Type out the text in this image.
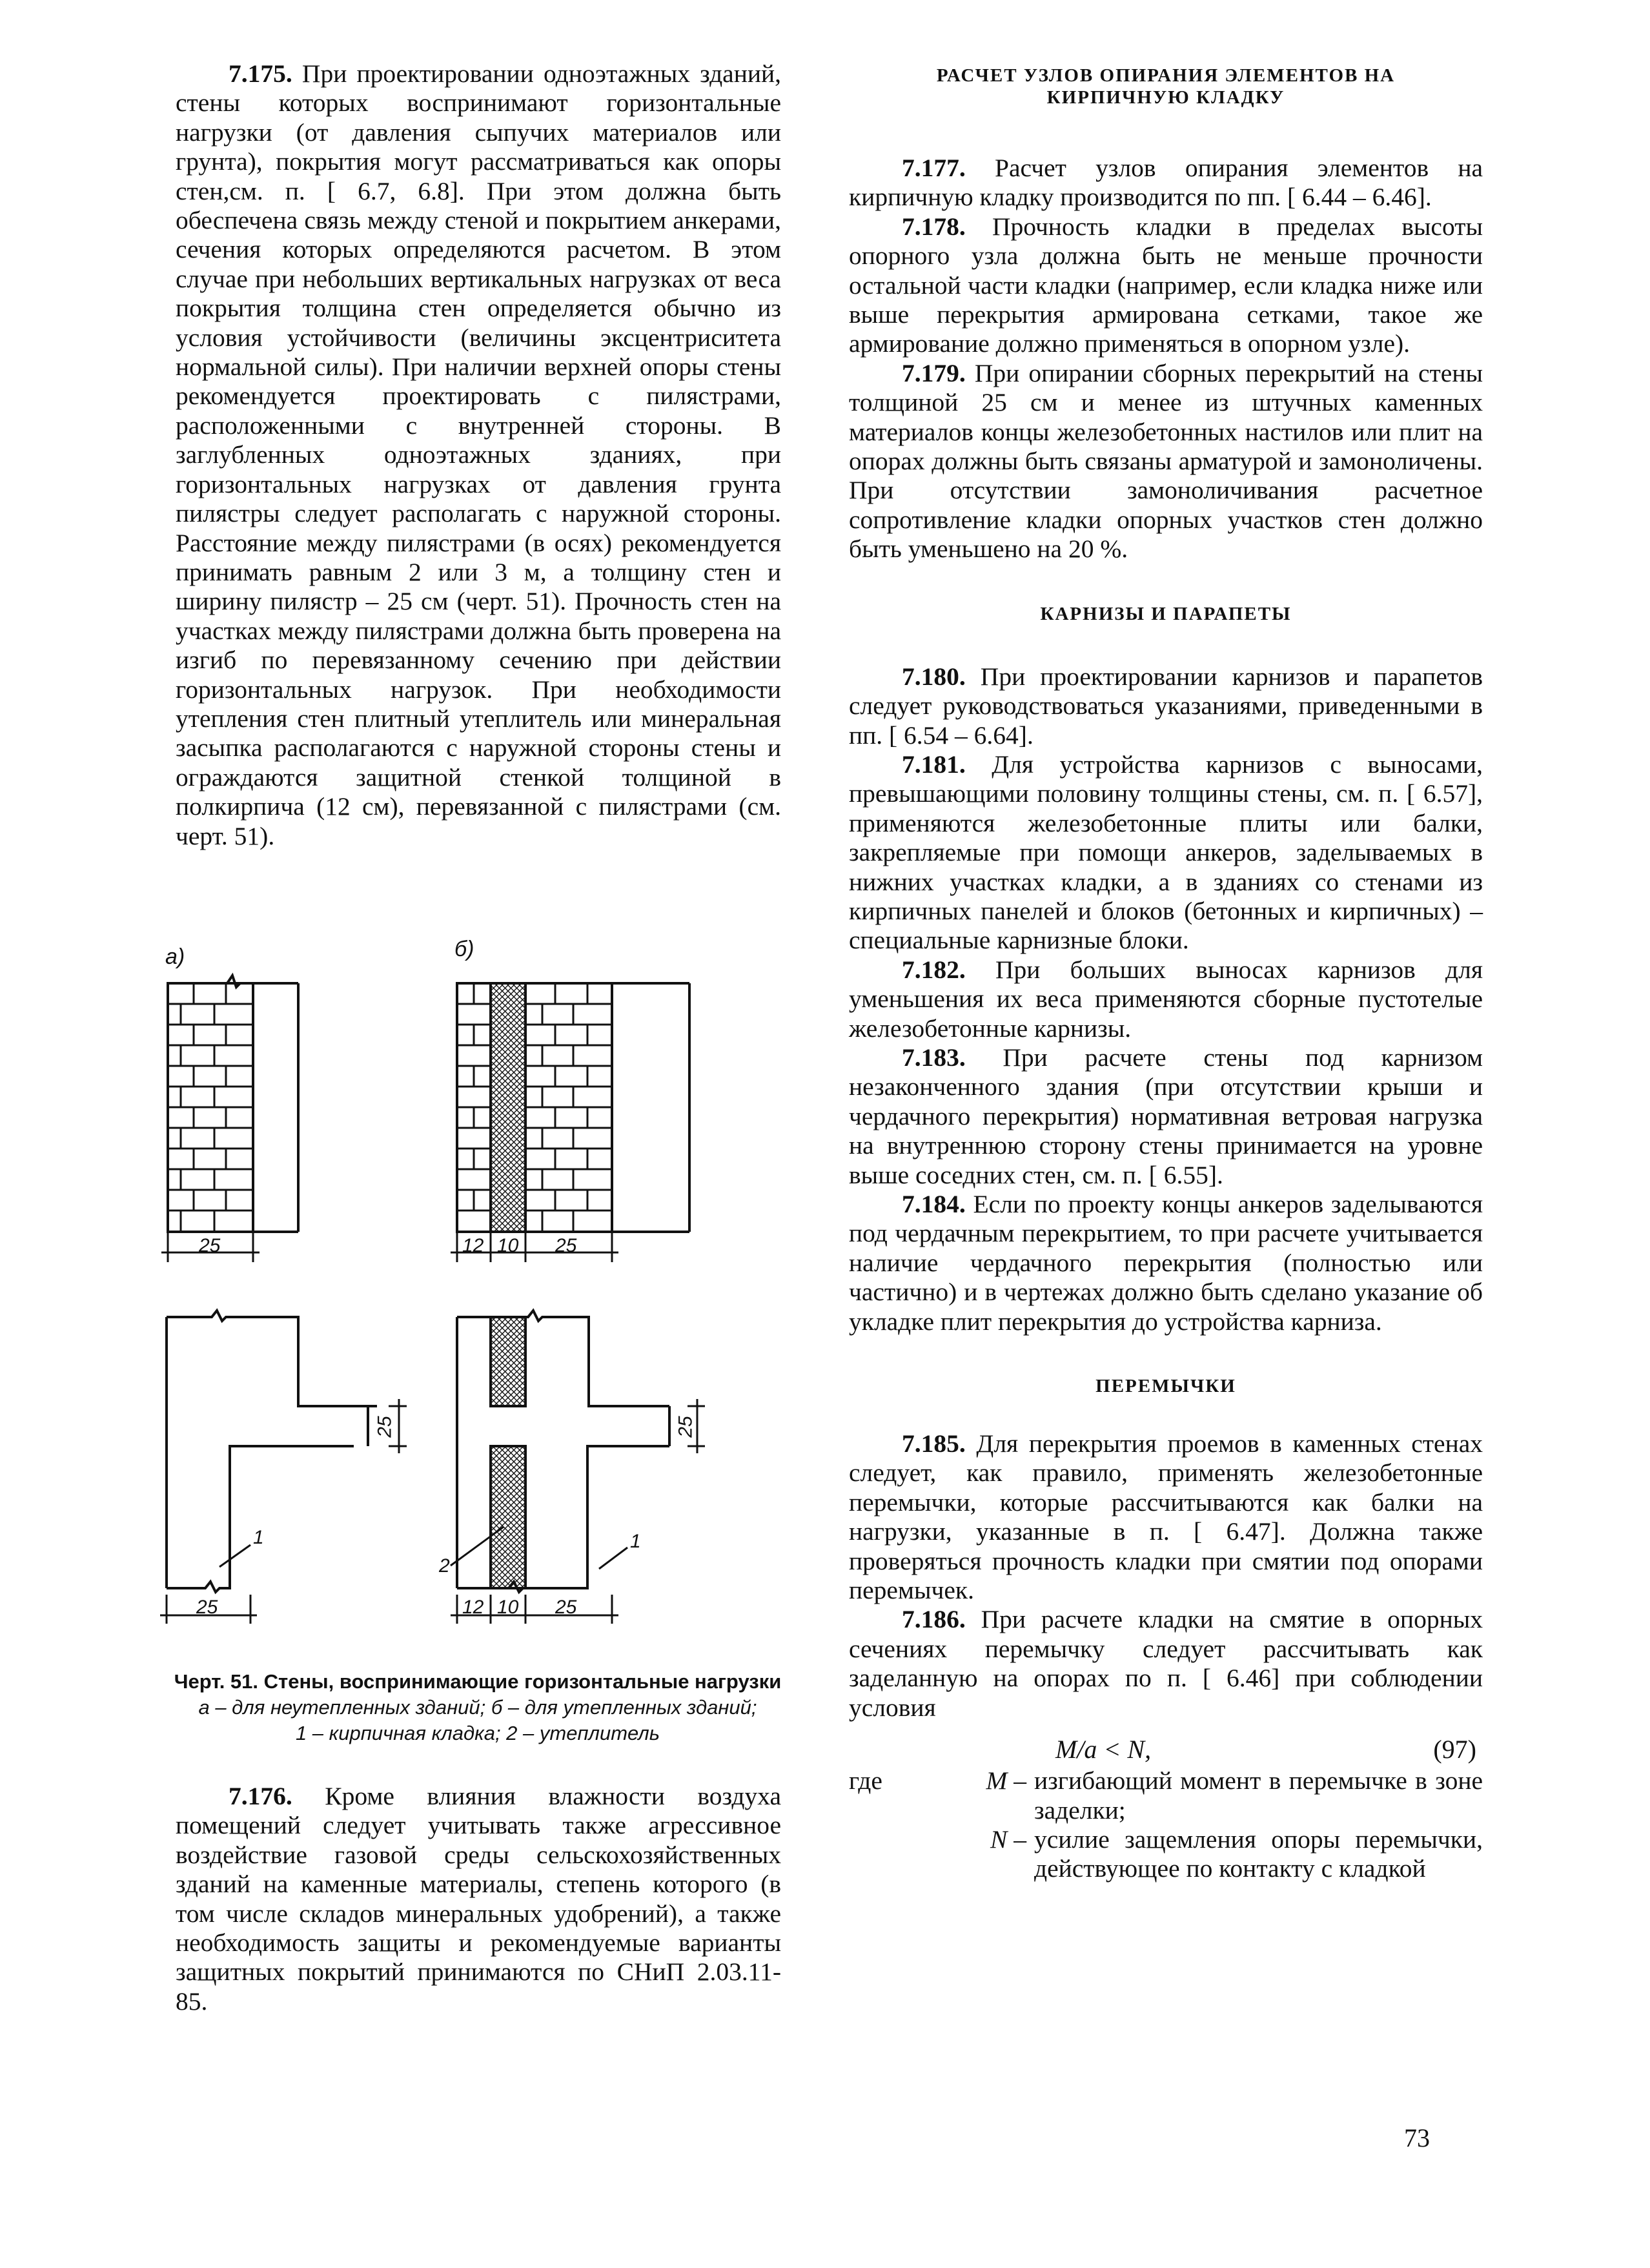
7.175. При проектировании одноэтажных зданий, стены которых воспринимают горизонтальные нагрузки (от давления сыпучих материалов или грунта), покрытия могут рассматриваться как опоры стен,см. п. [ 6.7, 6.8]. При этом должна быть обеспечена связь между стеной и покрытием анкерами, сечения которых определяются расчетом. В этом случае при небольших вертикальных нагрузках от веса покрытия толщина стен определяется обычно из условия устойчивости (величины эксцентриситета нормальной силы). При наличии верхней опоры стены рекомендуется проектировать с пилястрами, расположенными с внутренней стороны. В заглубленных одноэтажных зданиях, при горизонтальных нагрузках от давления грунта пилястры следует располагать с наружной стороны. Расстояние между пилястрами (в осях) рекомендуется принимать равным 2 или 3 м, а толщину стен и ширину пилястр – 25 см (черт. 51). Прочность стен на участках между пилястрами должна быть проверена на изгиб по перевязанному сечению при действии горизонтальных нагрузок. При необходимости утепления стен плитный утеплитель или минеральная засыпка располагаются с наружной стороны стены и ограждаются защитной стенкой толщиной в полкирпича (12 см), перевязанной с пилястрами (см. черт. 51).

а)	б)
25	12 10 25
25	25
1	1
2
25	12 10 25
Черт. 51. Стены, воспринимающие горизонтальные нагрузки
а – для неутепленных зданий; б – для утепленных зданий;
1 – кирпичная кладка; 2 – утеплитель

7.176. Кроме влияния влажности воздуха помещений следует учитывать также агрессивное воздействие газовой среды сельскохозяйственных зданий на каменные материалы, степень которого (в том числе складов минеральных удобрений), а также необходимость защиты и рекомендуемые варианты защитных покрытий принимаются по СНиП 2.03.11-85.

РАСЧЕТ УЗЛОВ ОПИРАНИЯ ЭЛЕМЕНТОВ НА КИРПИЧНУЮ КЛАДКУ

7.177. Расчет узлов опирания элементов на кирпичную кладку производится по пп. [ 6.44 – 6.46].

7.178. Прочность кладки в пределах высоты опорного узла должна быть не меньше прочности остальной части кладки (например, если кладка ниже или выше перекрытия армирована сетками, такое же армирование должно применяться в опорном узле).

7.179. При опирании сборных перекрытий на стены толщиной 25 см и менее из штучных каменных материалов концы железобетонных настилов или плит на опорах должны быть связаны арматурой и замоноличены. При отсутствии замоноличивания расчетное сопротивление кладки опорных участков стен должно быть уменьшено на 20 %.

КАРНИЗЫ И ПАРАПЕТЫ

7.180. При проектировании карнизов и парапетов следует руководствоваться указаниями, приведенными в пп. [ 6.54 – 6.64].

7.181. Для устройства карнизов с выносами, превышающими половину толщины стены, см. п. [ 6.57], применяются железобетонные плиты или балки, закрепляемые при помощи анкеров, заделываемых в нижних участках кладки, а в зданиях со стенами из кирпичных панелей и блоков (бетонных и кирпичных) – специальные карнизные блоки.

7.182. При больших выносах карнизов для уменьшения их веса применяются сборные пустотелые железобетонные карнизы.

7.183. При расчете стены под карнизом незаконченного здания (при отсутствии крыши и чердачного перекрытия) нормативная ветровая нагрузка на внутреннюю сторону стены принимается на уровне выше соседних стен, см. п. [ 6.55].

7.184. Если по проекту концы анкеров заделываются под чердачным перекрытием, то при расчете учитывается наличие чердачного перекрытия (полностью или частично) и в чертежах должно быть сделано указание об укладке плит перекрытия до устройства карниза.

ПЕРЕМЫЧКИ

7.185. Для перекрытия проемов в каменных стенах следует, как правило, применять железобетонные перемычки, которые рассчитываются как балки на нагрузки, указанные в п. [ 6.47]. Должна также проверяться прочность кладки при смятии под опорами перемычек.

7.186. При расчете кладки на смятие в опорных сечениях перемычку следует рассчитывать как заделанную на опорах по п. [ 6.46] при соблюдении условия

M/a < N,	(97)
где	M – изгибающий момент в перемычке в зоне заделки;
N – усилие защемления опоры перемычки, действующее по контакту с кладкой
73
